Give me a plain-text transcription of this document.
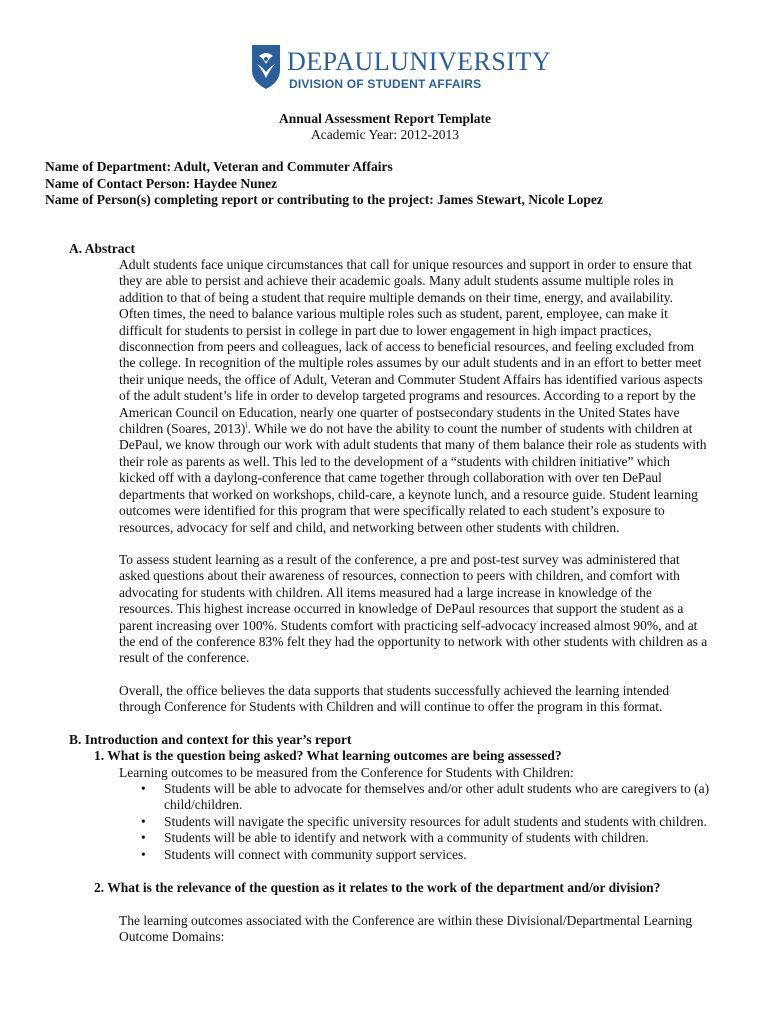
DEPAULUNIVERSITY
DIVISION OF STUDENT AFFAIRS
Annual Assessment Report Template
Academic Year: 2012-2013
Name of Department: Adult, Veteran and Commuter Affairs
Name of Contact Person: Haydee Nunez
Name of Person(s) completing report or contributing to the project: James Stewart, Nicole Lopez
A. Abstract
Adult students face unique circumstances that call for unique resources and support in order to ensure that
they are able to persist and achieve their academic goals. Many adult students assume multiple roles in
addition to that of being a student that require multiple demands on their time, energy, and availability.
Often times, the need to balance various multiple roles such as student, parent, employee, can make it
difficult for students to persist in college in part due to lower engagement in high impact practices,
disconnection from peers and colleagues, lack of access to beneficial resources, and feeling excluded from
the college. In recognition of the multiple roles assumes by our adult students and in an effort to better meet
their unique needs, the office of Adult, Veteran and Commuter Student Affairs has identified various aspects
of the adult student’s life in order to develop targeted programs and resources. According to a report by the
American Council on Education, nearly one quarter of postsecondary students in the United States have
children (Soares, 2013)$^i$. While we do not have the ability to count the number of students with children at
DePaul, we know through our work with adult students that many of them balance their role as students with
their role as parents as well. This led to the development of a “students with children initiative” which
kicked off with a daylong-conference that came together through collaboration with over ten DePaul
departments that worked on workshops, child-care, a keynote lunch, and a resource guide. Student learning
outcomes were identified for this program that were specifically related to each student’s exposure to
resources, advocacy for self and child, and networking between other students with children.
To assess student learning as a result of the conference, a pre and post-test survey was administered that
asked questions about their awareness of resources, connection to peers with children, and comfort with
advocating for students with children. All items measured had a large increase in knowledge of the
resources. This highest increase occurred in knowledge of DePaul resources that support the student as a
parent increasing over 100%. Students comfort with practicing self-advocacy increased almost 90%, and at
the end of the conference 83% felt they had the opportunity to network with other students with children as a
result of the conference.
Overall, the office believes the data supports that students successfully achieved the learning intended
through Conference for Students with Children and will continue to offer the program in this format.
B. Introduction and context for this year’s report
1. What is the question being asked? What learning outcomes are being assessed?
Learning outcomes to be measured from the Conference for Students with Children:
• Students will be able to advocate for themselves and/or other adult students who are caregivers to (a) child/children.
• Students will navigate the specific university resources for adult students and students with children.
• Students will be able to identify and network with a community of students with children.
• Students will connect with community support services.
2. What is the relevance of the question as it relates to the work of the department and/or division?
The learning outcomes associated with the Conference are within these Divisional/Departmental Learning
Outcome Domains:
